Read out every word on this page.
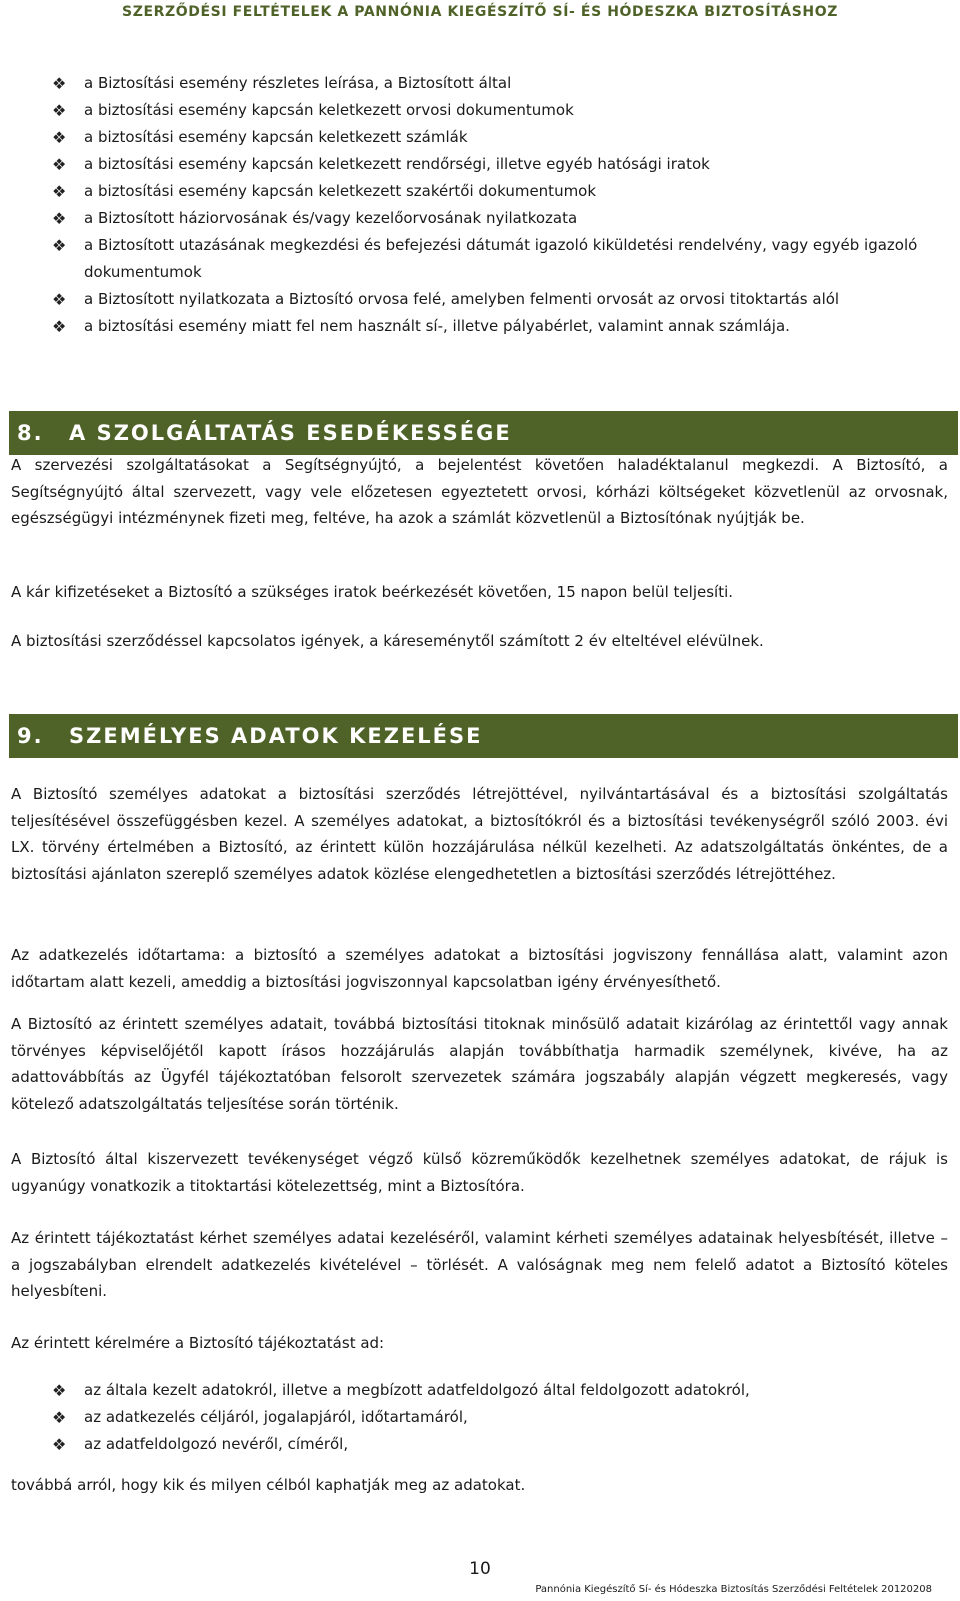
SZERZŐDÉSI FELTÉTELEK A PANNÓNIA KIEGÉSZÍTŐ SÍ- ÉS HÓDESZKA BIZTOSÍTÁSHOZ
❖ a Biztosítási esemény részletes leírása, a Biztosított által
❖ a biztosítási esemény kapcsán keletkezett orvosi dokumentumok
❖ a biztosítási esemény kapcsán keletkezett számlák
❖ a biztosítási esemény kapcsán keletkezett rendőrségi, illetve egyéb hatósági iratok
❖ a biztosítási esemény kapcsán keletkezett szakértői dokumentumok
❖ a Biztosított háziorvosának és/vagy kezelőorvosának nyilatkozata
❖ a Biztosított utazásának megkezdési és befejezési dátumát igazoló kiküldetési rendelvény, vagy egyéb igazoló dokumentumok
❖ a Biztosított nyilatkozata a Biztosító orvosa felé, amelyben felmenti orvosát az orvosi titoktartás alól
❖ a biztosítási esemény miatt fel nem használt sí-, illetve pályabérlet, valamint annak számlája.
8. A SZOLGÁLTATÁS ESEDÉKESSÉGE

A szervezési szolgáltatásokat a Segítségnyújtó, a bejelentést követően haladéktalanul megkezdi. A Biztosító, a Segítségnyújtó által szervezett, vagy vele előzetesen egyeztetett orvosi, kórházi költségeket közvetlenül az orvosnak, egészségügyi intézménynek fizeti meg, feltéve, ha azok a számlát közvetlenül a Biztosítónak nyújtják be.

A kár kifizetéseket a Biztosító a szükséges iratok beérkezését követően, 15 napon belül teljesíti.

A biztosítási szerződéssel kapcsolatos igények, a káreseménytől számított 2 év elteltével elévülnek.

9. SZEMÉLYES ADATOK KEZELÉSE

A Biztosító személyes adatokat a biztosítási szerződés létrejöttével, nyilvántartásával és a biztosítási szolgáltatás teljesítésével összefüggésben kezel. A személyes adatokat, a biztosítókról és a biztosítási tevékenységről szóló 2003. évi LX. törvény értelmében a Biztosító, az érintett külön hozzájárulása nélkül kezelheti. Az adatszolgáltatás önkéntes, de a biztosítási ajánlaton szereplő személyes adatok közlése elengedhetetlen a biztosítási szerződés létrejöttéhez.

Az adatkezelés időtartama: a biztosító a személyes adatokat a biztosítási jogviszony fennállása alatt, valamint azon időtartam alatt kezeli, ameddig a biztosítási jogviszonnyal kapcsolatban igény érvényesíthető.

A Biztosító az érintett személyes adatait, továbbá biztosítási titoknak minősülő adatait kizárólag az érintettől vagy annak törvényes képviselőjétől kapott írásos hozzájárulás alapján továbbíthatja harmadik személynek, kivéve, ha az adattovábbítás az Ügyfél tájékoztatóban felsorolt szervezetek számára jogszabály alapján végzett megkeresés, vagy kötelező adatszolgáltatás teljesítése során történik.

A Biztosító által kiszervezett tevékenységet végző külső közreműködők kezelhetnek személyes adatokat, de rájuk is ugyanúgy vonatkozik a titoktartási kötelezettség, mint a Biztosítóra.

Az érintett tájékoztatást kérhet személyes adatai kezeléséről, valamint kérheti személyes adatainak helyesbítését, illetve – a jogszabályban elrendelt adatkezelés kivételével – törlését. A valóságnak meg nem felelő adatot a Biztosító köteles helyesbíteni.

Az érintett kérelmére a Biztosító tájékoztatást ad:

❖ az általa kezelt adatokról, illetve a megbízott adatfeldolgozó által feldolgozott adatokról,
❖ az adatkezelés céljáról, jogalapjáról, időtartamáról,
❖ az adatfeldolgozó nevéről, címéről,

továbbá arról, hogy kik és milyen célból kaphatják meg az adatokat.

10
Pannónia Kiegészítő Sí- és Hódeszka Biztosítás Szerződési Feltételek 20120208
